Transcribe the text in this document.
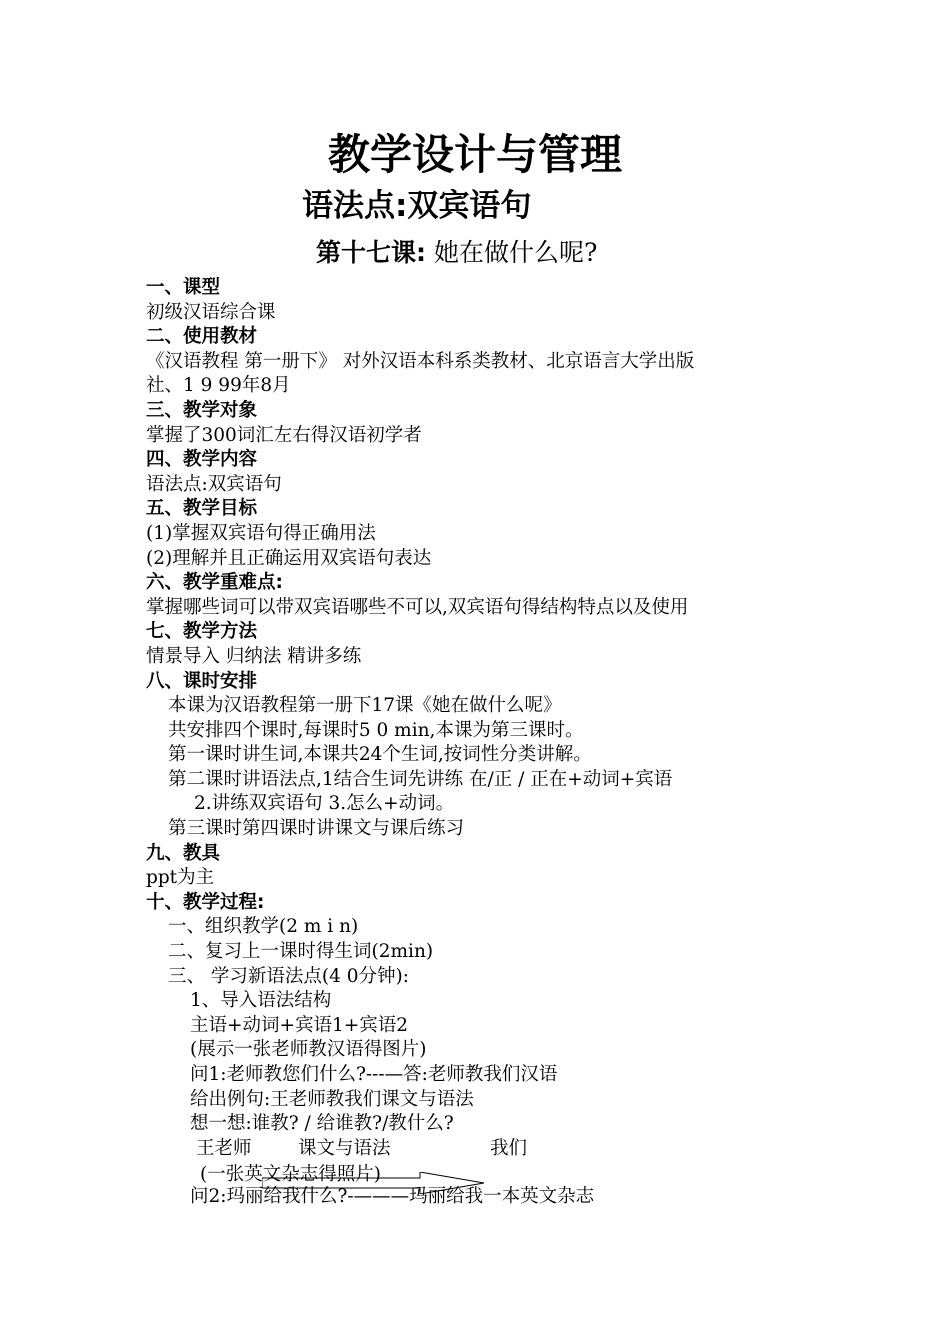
教学设计与管理
语法点:双宾语句
第十七课: 她在做什么呢?
一、课型
初级汉语综合课
二、使用教材
《汉语教程 第一册下》 对外汉语本科系类教材、北京语言大学出版
社、1 9 99年8月
三、教学对象
掌握了300词汇左右得汉语初学者
四、教学内容
语法点:双宾语句
五、教学目标
(1)掌握双宾语句得正确用法
(2)理解并且正确运用双宾语句表达
六、教学重难点:
掌握哪些词可以带双宾语哪些不可以,双宾语句得结构特点以及使用
七、教学方法
情景导入 归纳法 精讲多练
八、课时安排
本课为汉语教程第一册下17课《她在做什么呢》
共安排四个课时,每课时5 0 min,本课为第三课时。
第一课时讲生词,本课共24个生词,按词性分类讲解。
第二课时讲语法点,1结合生词先讲练 在/正 / 正在+动词+宾语
2.讲练双宾语句 3.怎么+动词。
第三课时第四课时讲课文与课后练习
九、教具
ppt为主
十、教学过程:
一、组织教学(2 m i n)
二、复习上一课时得生词(2min)
三、 学习新语法点(4 0分钟):
1、导入语法结构
主语+动词+宾语1+宾语2
(展示一张老师教汉语得图片)
问1:老师教您们什么?---—答:老师教我们汉语
给出例句:王老师教我们课文与语法
想一想:谁教? / 给谁教?/教什么?
王老师	课文与语法	我们
(一张英文杂志得照片)
问2:玛丽给我什么?-———玛丽给我一本英文杂志
